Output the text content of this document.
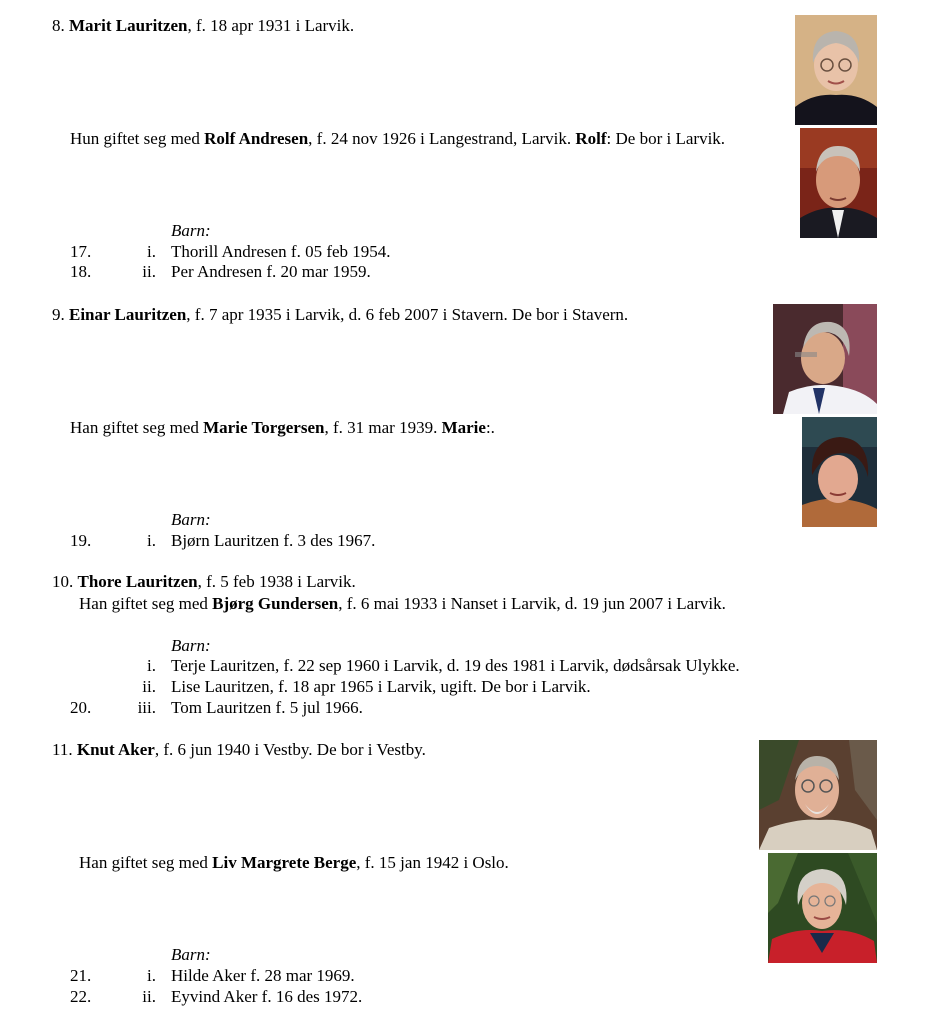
8. Marit Lauritzen, f. 18 apr 1931 i Larvik.
Hun giftet seg med Rolf Andresen, f. 24 nov 1926 i Langestrand, Larvik. Rolf: De bor i Larvik.
Barn:
17.	i. Thorill Andresen f. 05 feb 1954.
18.	ii. Per Andresen f. 20 mar 1959.
9. Einar Lauritzen, f. 7 apr 1935 i Larvik, d. 6 feb 2007 i Stavern. De bor i Stavern.
Han giftet seg med Marie Torgersen, f. 31 mar 1939. Marie:.
Barn:
19.	i. Bjørn Lauritzen f. 3 des 1967.
10. Thore Lauritzen, f. 5 feb 1938 i Larvik.
Han giftet seg med Bjørg Gundersen, f. 6 mai 1933 i Nanset i Larvik, d. 19 jun 2007 i Larvik.
Barn:
i. Terje Lauritzen, f. 22 sep 1960 i Larvik, d. 19 des 1981 i Larvik, dødsårsak Ulykke.
ii. Lise Lauritzen, f. 18 apr 1965 i Larvik, ugift. De bor i Larvik.
20.	iii. Tom Lauritzen f. 5 jul 1966.
11. Knut Aker, f. 6 jun 1940 i Vestby. De bor i Vestby.
Han giftet seg med Liv Margrete Berge, f. 15 jan 1942 i Oslo.
Barn:
21.	i. Hilde Aker f. 28 mar 1969.
22.	ii. Eyvind Aker f. 16 des 1972.
